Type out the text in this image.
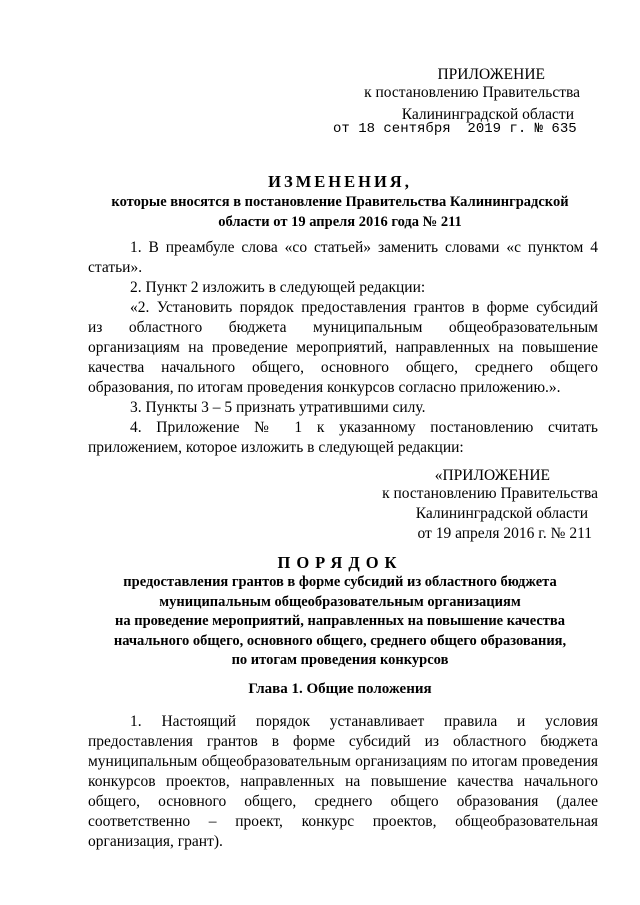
ПРИЛОЖЕНИЕ
к постановлению Правительства
Калининградской области
от 18 сентября  2019 г. № 635
ИЗМЕНЕНИЯ,
которые вносятся в постановление Правительства Калининградской
области от 19 апреля 2016 года № 211
1. В преамбуле слова «со статьей» заменить словами «с пунктом 4
статьи».
2. Пункт 2 изложить в следующей редакции:
«2. Установить порядок предоставления грантов в форме субсидий
из областного бюджета муниципальным общеобразовательным
организациям на проведение мероприятий, направленных на повышение
качества начального общего, основного общего, среднего общего
образования, по итогам проведения конкурсов согласно приложению.».
3. Пункты 3 – 5 признать утратившими силу.
4. Приложение № 1 к указанному постановлению считать
приложением, которое изложить в следующей редакции:
«ПРИЛОЖЕНИЕ
к постановлению Правительства
Калининградской области
от 19 апреля 2016 г. № 211
ПОРЯДОК
предоставления грантов в форме субсидий из областного бюджета
муниципальным общеобразовательным организациям
на проведение мероприятий, направленных на повышение качества
начального общего, основного общего, среднего общего образования,
по итогам проведения конкурсов
Глава 1. Общие положения
1. Настоящий порядок устанавливает правила и условия
предоставления грантов в форме субсидий из областного бюджета
муниципальным общеобразовательным организациям по итогам проведения
конкурсов проектов, направленных на повышение качества начального
общего, основного общего, среднего общего образования (далее
соответственно – проект, конкурс проектов, общеобразовательная
организация, грант).
